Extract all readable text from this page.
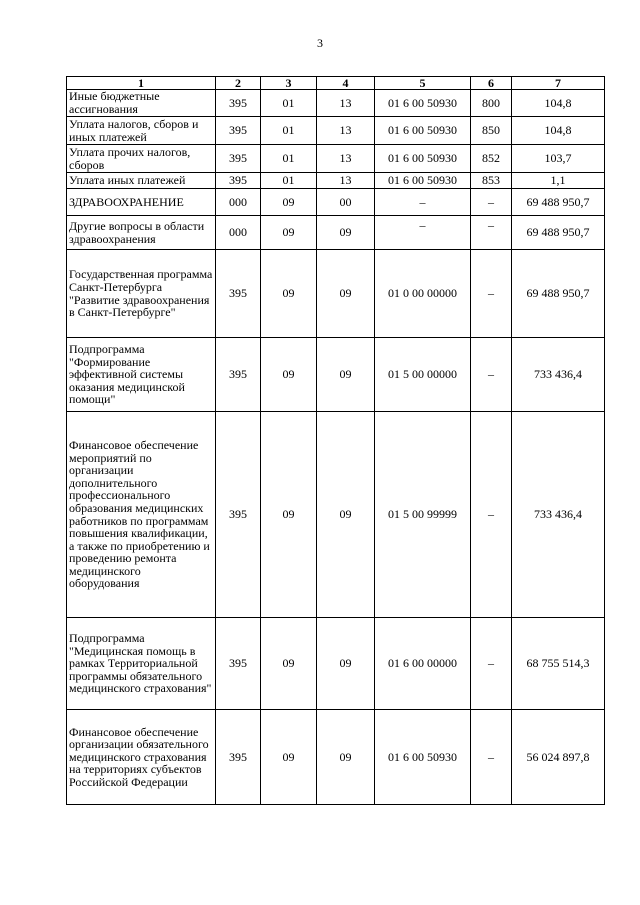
3
1	2	3	4	5	6	7
Иные бюджетные ассигнования	395	01	13	01 6 00 50930	800	104,8
Уплата налогов, сборов и иных платежей	395	01	13	01 6 00 50930	850	104,8
Уплата прочих налогов, сборов	395	01	13	01 6 00 50930	852	103,7
Уплата иных платежей	395	01	13	01 6 00 50930	853	1,1
ЗДРАВООХРАНЕНИЕ	000	09	00	–	–	69 488 950,7
Другие вопросы в области здравоохранения	000	09	09	–	–	69 488 950,7
Государственная программа Санкт-Петербурга "Развитие здравоохранения в Санкт-Петербурге"	395	09	09	01 0 00 00000	–	69 488 950,7
Подпрограмма "Формирование эффективной системы оказания медицинской помощи"	395	09	09	01 5 00 00000	–	733 436,4
Финансовое обеспечение мероприятий по организации дополнительного профессионального образования медицинских работников по программам повышения квалификации, а также по приобретению и проведению ремонта медицинского оборудования	395	09	09	01 5 00 99999	–	733 436,4
Подпрограмма "Медицинская помощь в рамках Территориальной программы обязательного медицинского страхования"	395	09	09	01 6 00 00000	–	68 755 514,3
Финансовое обеспечение организации обязательного медицинского страхования на территориях субъектов Российской Федерации	395	09	09	01 6 00 50930	–	56 024 897,8
